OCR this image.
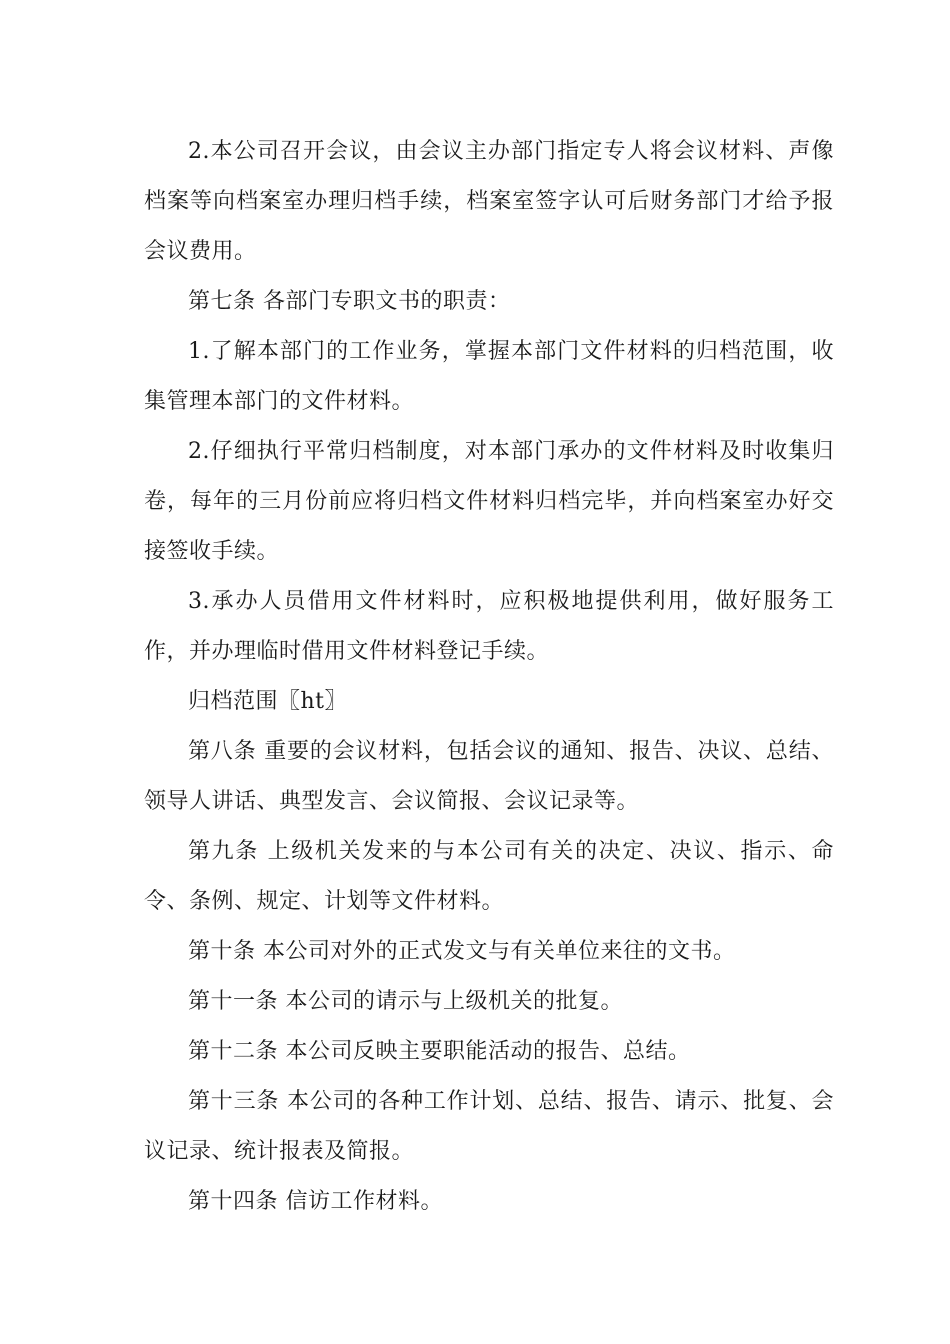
2.本公司召开会议，由会议主办部门指定专人将会议材料、声像档案等向档案室办理归档手续，档案室签字认可后财务部门才给予报会议费用。

第七条 各部门专职文书的职责：

1.了解本部门的工作业务，掌握本部门文件材料的归档范围，收集管理本部门的文件材料。

2.仔细执行平常归档制度，对本部门承办的文件材料及时收集归卷，每年的三月份前应将归档文件材料归档完毕，并向档案室办好交接签收手续。

3.承办人员借用文件材料时，应积极地提供利用，做好服务工作，并办理临时借用文件材料登记手续。

归档范围〖ht〗

第八条 重要的会议材料，包括会议的通知、报告、决议、总结、领导人讲话、典型发言、会议简报、会议记录等。

第九条 上级机关发来的与本公司有关的决定、决议、指示、命令、条例、规定、计划等文件材料。

第十条 本公司对外的正式发文与有关单位来往的文书。

第十一条 本公司的请示与上级机关的批复。

第十二条 本公司反映主要职能活动的报告、总结。

第十三条 本公司的各种工作计划、总结、报告、请示、批复、会议记录、统计报表及简报。

第十四条 信访工作材料。
